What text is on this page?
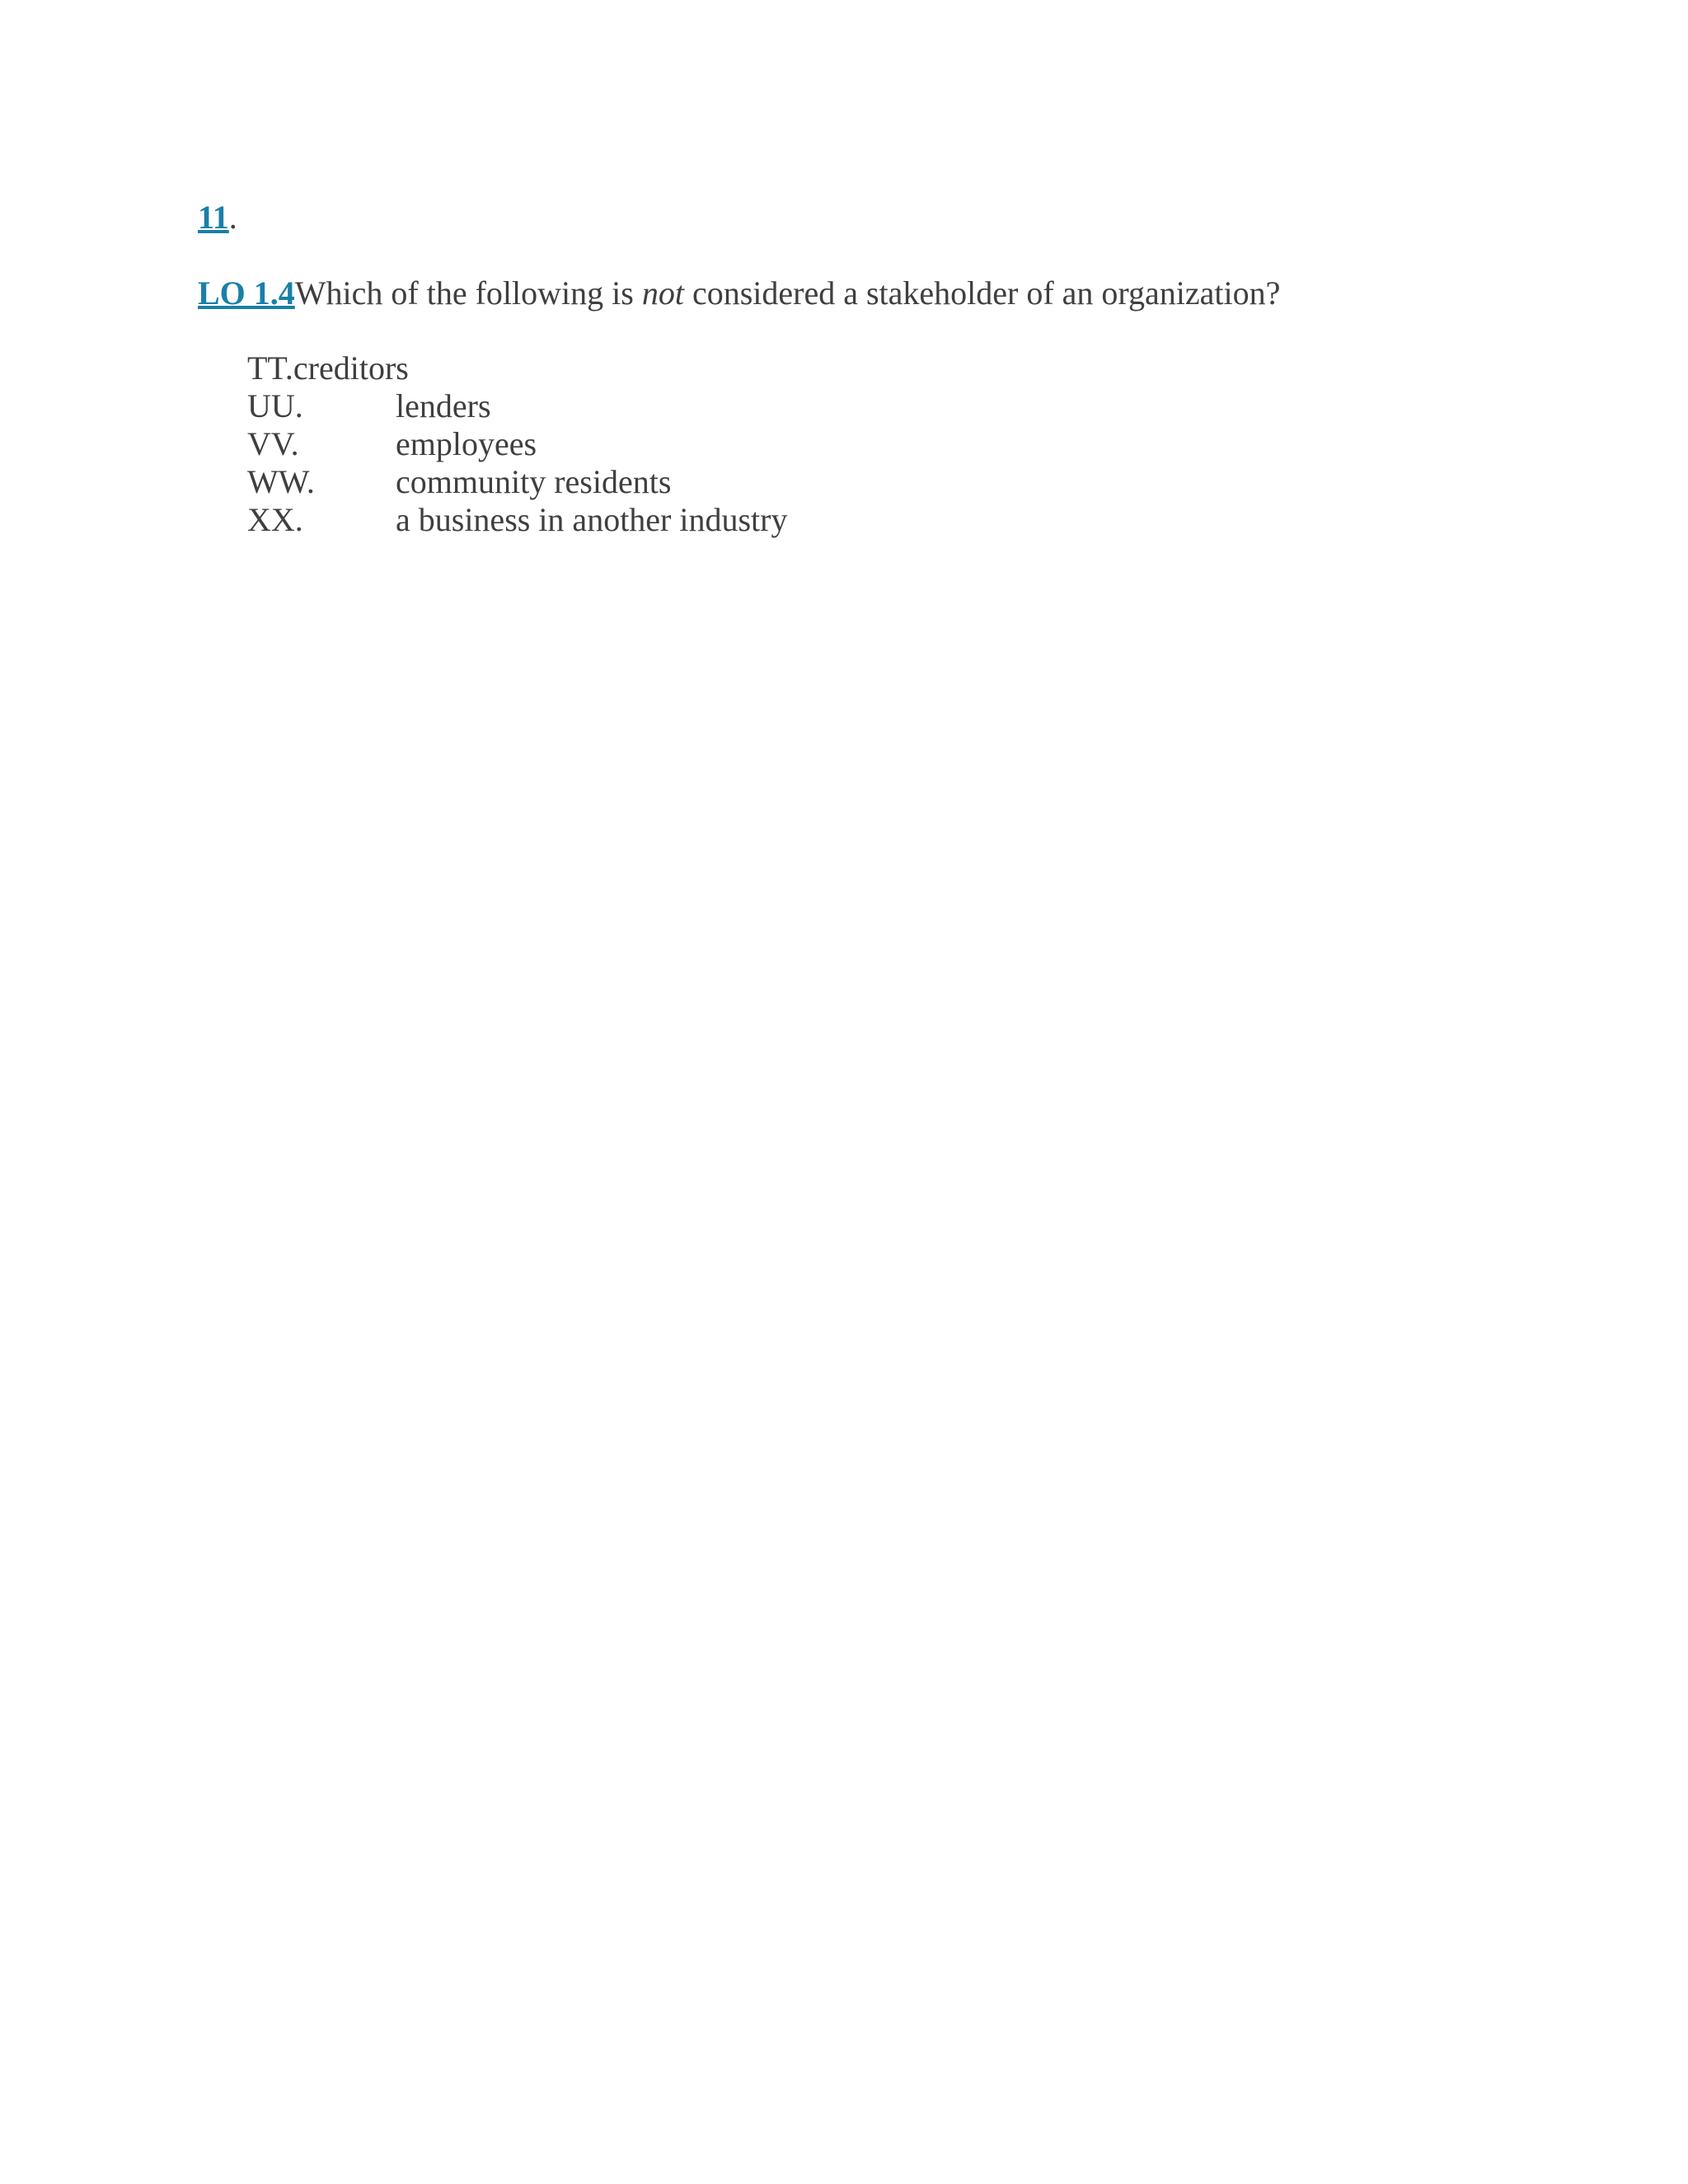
11.
LO 1.4Which of the following is not considered a stakeholder of an organization?
TT.creditors
UU.	lenders
VV.	employees
WW. community residents
XX.	a business in another industry
